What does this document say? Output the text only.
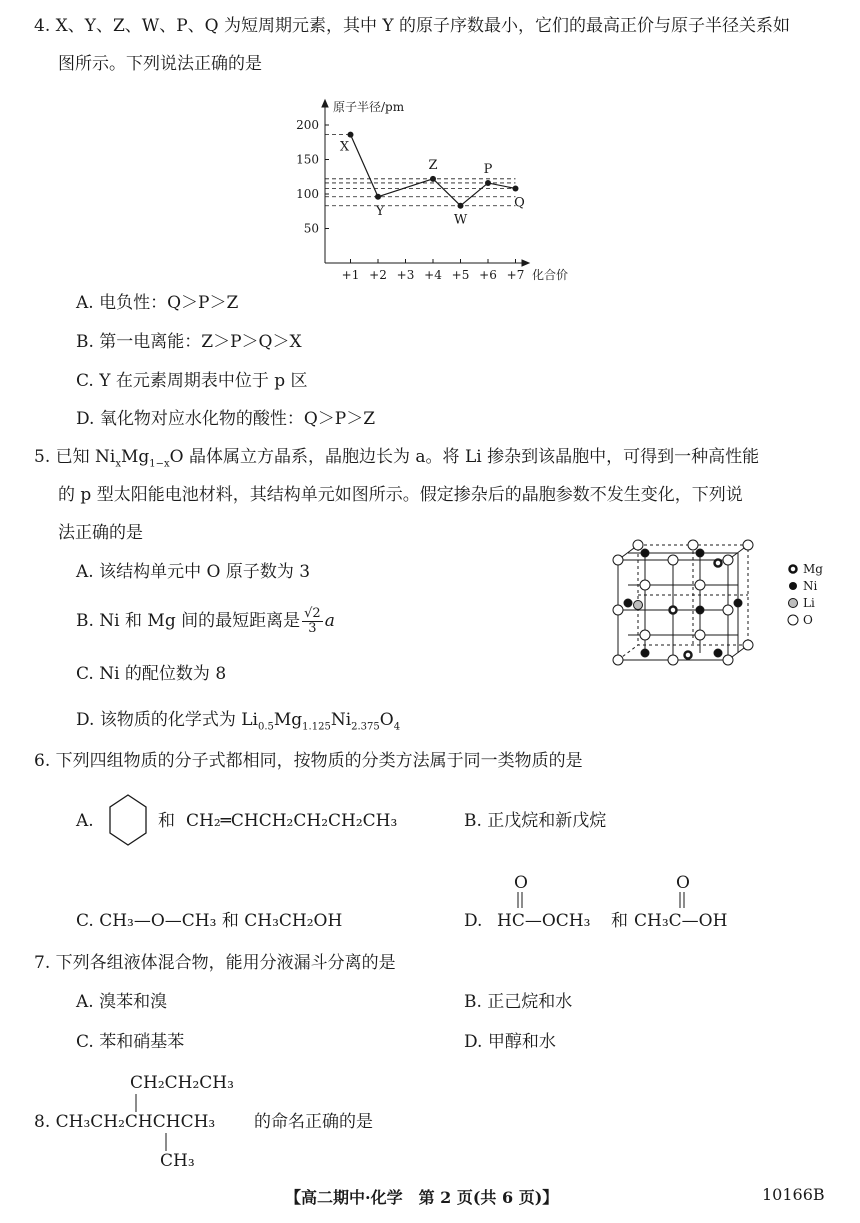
4. X、Y、Z、W、P、Q 为短周期元素，其中 Y 的原子序数最小，它们的最高正价与原子半径关系如
图所示。下列说法正确的是
原子半径/pm
化合价
200
150
100
50
+1 +2 +3 +4 +5 +6 +7
X
Y
Z
W
P
Q
A. 电负性：Q＞P＞Z
B. 第一电离能：Z＞P＞Q＞X
C. Y 在元素周期表中位于 p 区
D. 氧化物对应水化物的酸性：Q＞P＞Z
5. 已知 $Ni_xMg_{1-x}O$ 晶体属立方晶系，晶胞边长为 a。将 Li 掺杂到该晶胞中，可得到一种高性能
的 p 型太阳能电池材料，其结构单元如图所示。假定掺杂后的晶胞参数不发生变化，下列说
法正确的是
A. 该结构单元中 O 原子数为 3
B. Ni 和 Mg 间的最短距离是 $\frac{√2}{3}$ a
C. Ni 的配位数为 8
D. 该物质的化学式为 $Li_{0.5}Mg_{1.125}Ni_{2.375}O_4$
Mg
Ni
Li
O
6. 下列四组物质的分子式都相同，按物质的分类方法属于同一类物质的是
A.	和 CH₂═CHCH₂CH₂CH₂CH₃	B. 正戊烷和新戊烷
C. CH₃—O—CH₃ 和 CH₃CH₂OH	D.
O
HC—OCH₃ 和
O
CH₃C—OH
7. 下列各组液体混合物，能用分液漏斗分离的是
A. 溴苯和溴	B. 正己烷和水
C. 苯和硝基苯	D. 甲醇和水
CH₂CH₂CH₃
8. CH₃CH₂CHCHCH₃
CH₃
的命名正确的是
【高二期中·化学　第 2 页(共 6 页)】	10166B
